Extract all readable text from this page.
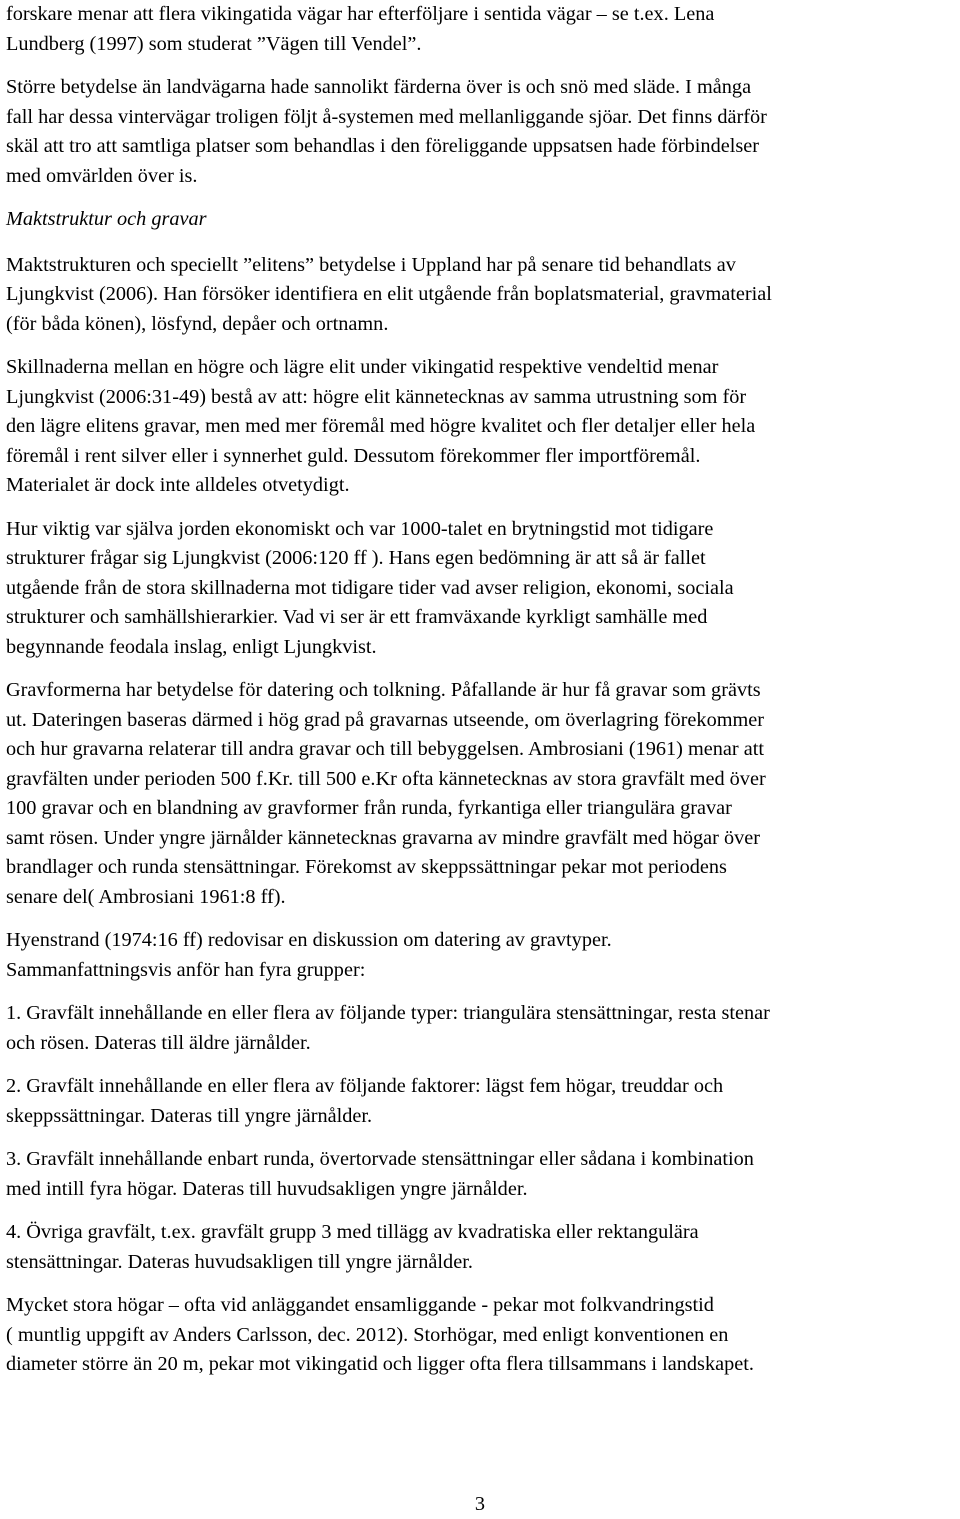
forskare menar att flera vikingatida vägar har efterföljare i sentida vägar – se t.ex. Lena
Lundberg (1997) som studerat ”Vägen till Vendel”.
Större betydelse än landvägarna hade sannolikt färderna över is och snö med släde. I många
fall har dessa vintervägar troligen följt å-systemen med mellanliggande sjöar. Det finns därför
skäl att tro att samtliga platser som behandlas i den föreliggande uppsatsen hade förbindelser
med omvärlden över is.
Maktstruktur och gravar
Maktstrukturen och speciellt ”elitens” betydelse i Uppland har på senare tid behandlats av
Ljungkvist (2006). Han försöker identifiera en elit utgående från boplatsmaterial, gravmaterial
(för båda könen), lösfynd, depåer och ortnamn.
Skillnaderna mellan en högre och lägre elit under vikingatid respektive vendeltid menar
Ljungkvist (2006:31-49) bestå av att: högre elit kännetecknas av samma utrustning som för
den lägre elitens gravar, men med mer föremål med högre kvalitet och fler detaljer eller hela
föremål i rent silver eller i synnerhet guld. Dessutom förekommer fler importföremål.
Materialet är dock inte alldeles otvetydigt.
Hur viktig var själva jorden ekonomiskt och var 1000-talet en brytningstid mot tidigare
strukturer frågar sig Ljungkvist (2006:120 ff ). Hans egen bedömning är att så är fallet
utgående från de stora skillnaderna mot tidigare tider vad avser religion, ekonomi, sociala
strukturer och samhällshierarkier. Vad vi ser är ett framväxande kyrkligt samhälle med
begynnande feodala inslag, enligt Ljungkvist.
Gravformerna har betydelse för datering och tolkning. Påfallande är hur få gravar som grävts
ut. Dateringen baseras därmed i hög grad på gravarnas utseende, om överlagring förekommer
och hur gravarna relaterar till andra gravar och till bebyggelsen. Ambrosiani (1961) menar att
gravfälten under perioden 500 f.Kr. till 500 e.Kr ofta kännetecknas av stora gravfält med över
100 gravar och en blandning av gravformer från runda, fyrkantiga eller triangulära gravar
samt rösen. Under yngre järnålder kännetecknas gravarna av mindre gravfält med högar över
brandlager och runda stensättningar. Förekomst av skeppssättningar pekar mot periodens
senare del( Ambrosiani 1961:8 ff).
Hyenstrand (1974:16 ff) redovisar en diskussion om datering av gravtyper.
Sammanfattningsvis anför han fyra grupper:
1. Gravfält innehållande en eller flera av följande typer: triangulära stensättningar, resta stenar
och rösen. Dateras till äldre järnålder.
2. Gravfält innehållande en eller flera av följande faktorer: lägst fem högar, treuddar och
skeppssättningar. Dateras till yngre järnålder.
3. Gravfält innehållande enbart runda, övertorvade stensättningar eller sådana i kombination
med intill fyra högar. Dateras till huvudsakligen yngre järnålder.
4. Övriga gravfält, t.ex. gravfält grupp 3 med tillägg av kvadratiska eller rektangulära
stensättningar. Dateras huvudsakligen till yngre järnålder.
Mycket stora högar – ofta vid anläggandet ensamliggande - pekar mot folkvandringstid
( muntlig uppgift av Anders Carlsson, dec. 2012). Storhögar, med enligt konventionen en
diameter större än 20 m, pekar mot vikingatid och ligger ofta flera tillsammans i landskapet.
3
